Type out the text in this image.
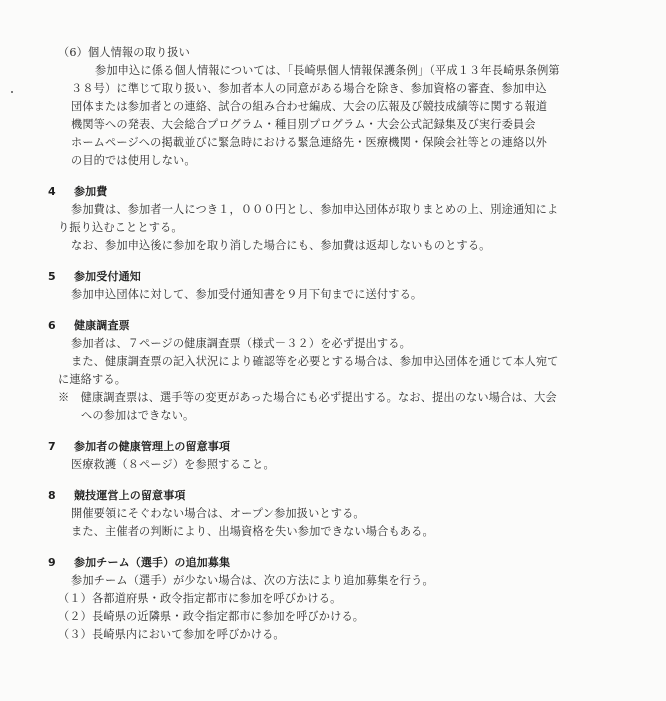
（6）個人情報の取り扱い
参加申込に係る個人情報については、「長崎県個人情報保護条例」（平成１３年長崎県条例第
３８号）に準じて取り扱い、参加者本人の同意がある場合を除き、参加資格の審査、参加申込
団体または参加者との連絡、試合の組み合わせ編成、大会の広報及び競技成績等に関する報道
機関等への発表、大会総合プログラム・種目別プログラム・大会公式記録集及び実行委員会
ホームページへの掲載並びに緊急時における緊急連絡先・医療機関・保険会社等との連絡以外
の目的では使用しない。
4 参加費
参加費は、参加者一人につき１，０００円とし、参加申込団体が取りまとめの上、別途通知によ
り振り込むこととする。
なお、参加申込後に参加を取り消した場合にも、参加費は返却しないものとする。
5 参加受付通知
参加申込団体に対して、参加受付通知書を９月下旬までに送付する。
6 健康調査票
参加者は、７ページの健康調査票（様式－３２）を必ず提出する。
また、健康調査票の記入状況により確認等を必要とする場合は、参加申込団体を通じて本人宛て
に連絡する。
※　健康調査票は、選手等の変更があった場合にも必ず提出する。なお、提出のない場合は、大会
への参加はできない。
7 参加者の健康管理上の留意事項
医療救護（８ページ）を参照すること。
8 競技運営上の留意事項
開催要領にそぐわない場合は、オープン参加扱いとする。
また、主催者の判断により、出場資格を失い参加できない場合もある。
9 参加チーム（選手）の追加募集
参加チーム（選手）が少ない場合は、次の方法により追加募集を行う。
（１）各都道府県・政令指定都市に参加を呼びかける。
（２）長崎県の近隣県・政令指定都市に参加を呼びかける。
（３）長崎県内において参加を呼びかける。
